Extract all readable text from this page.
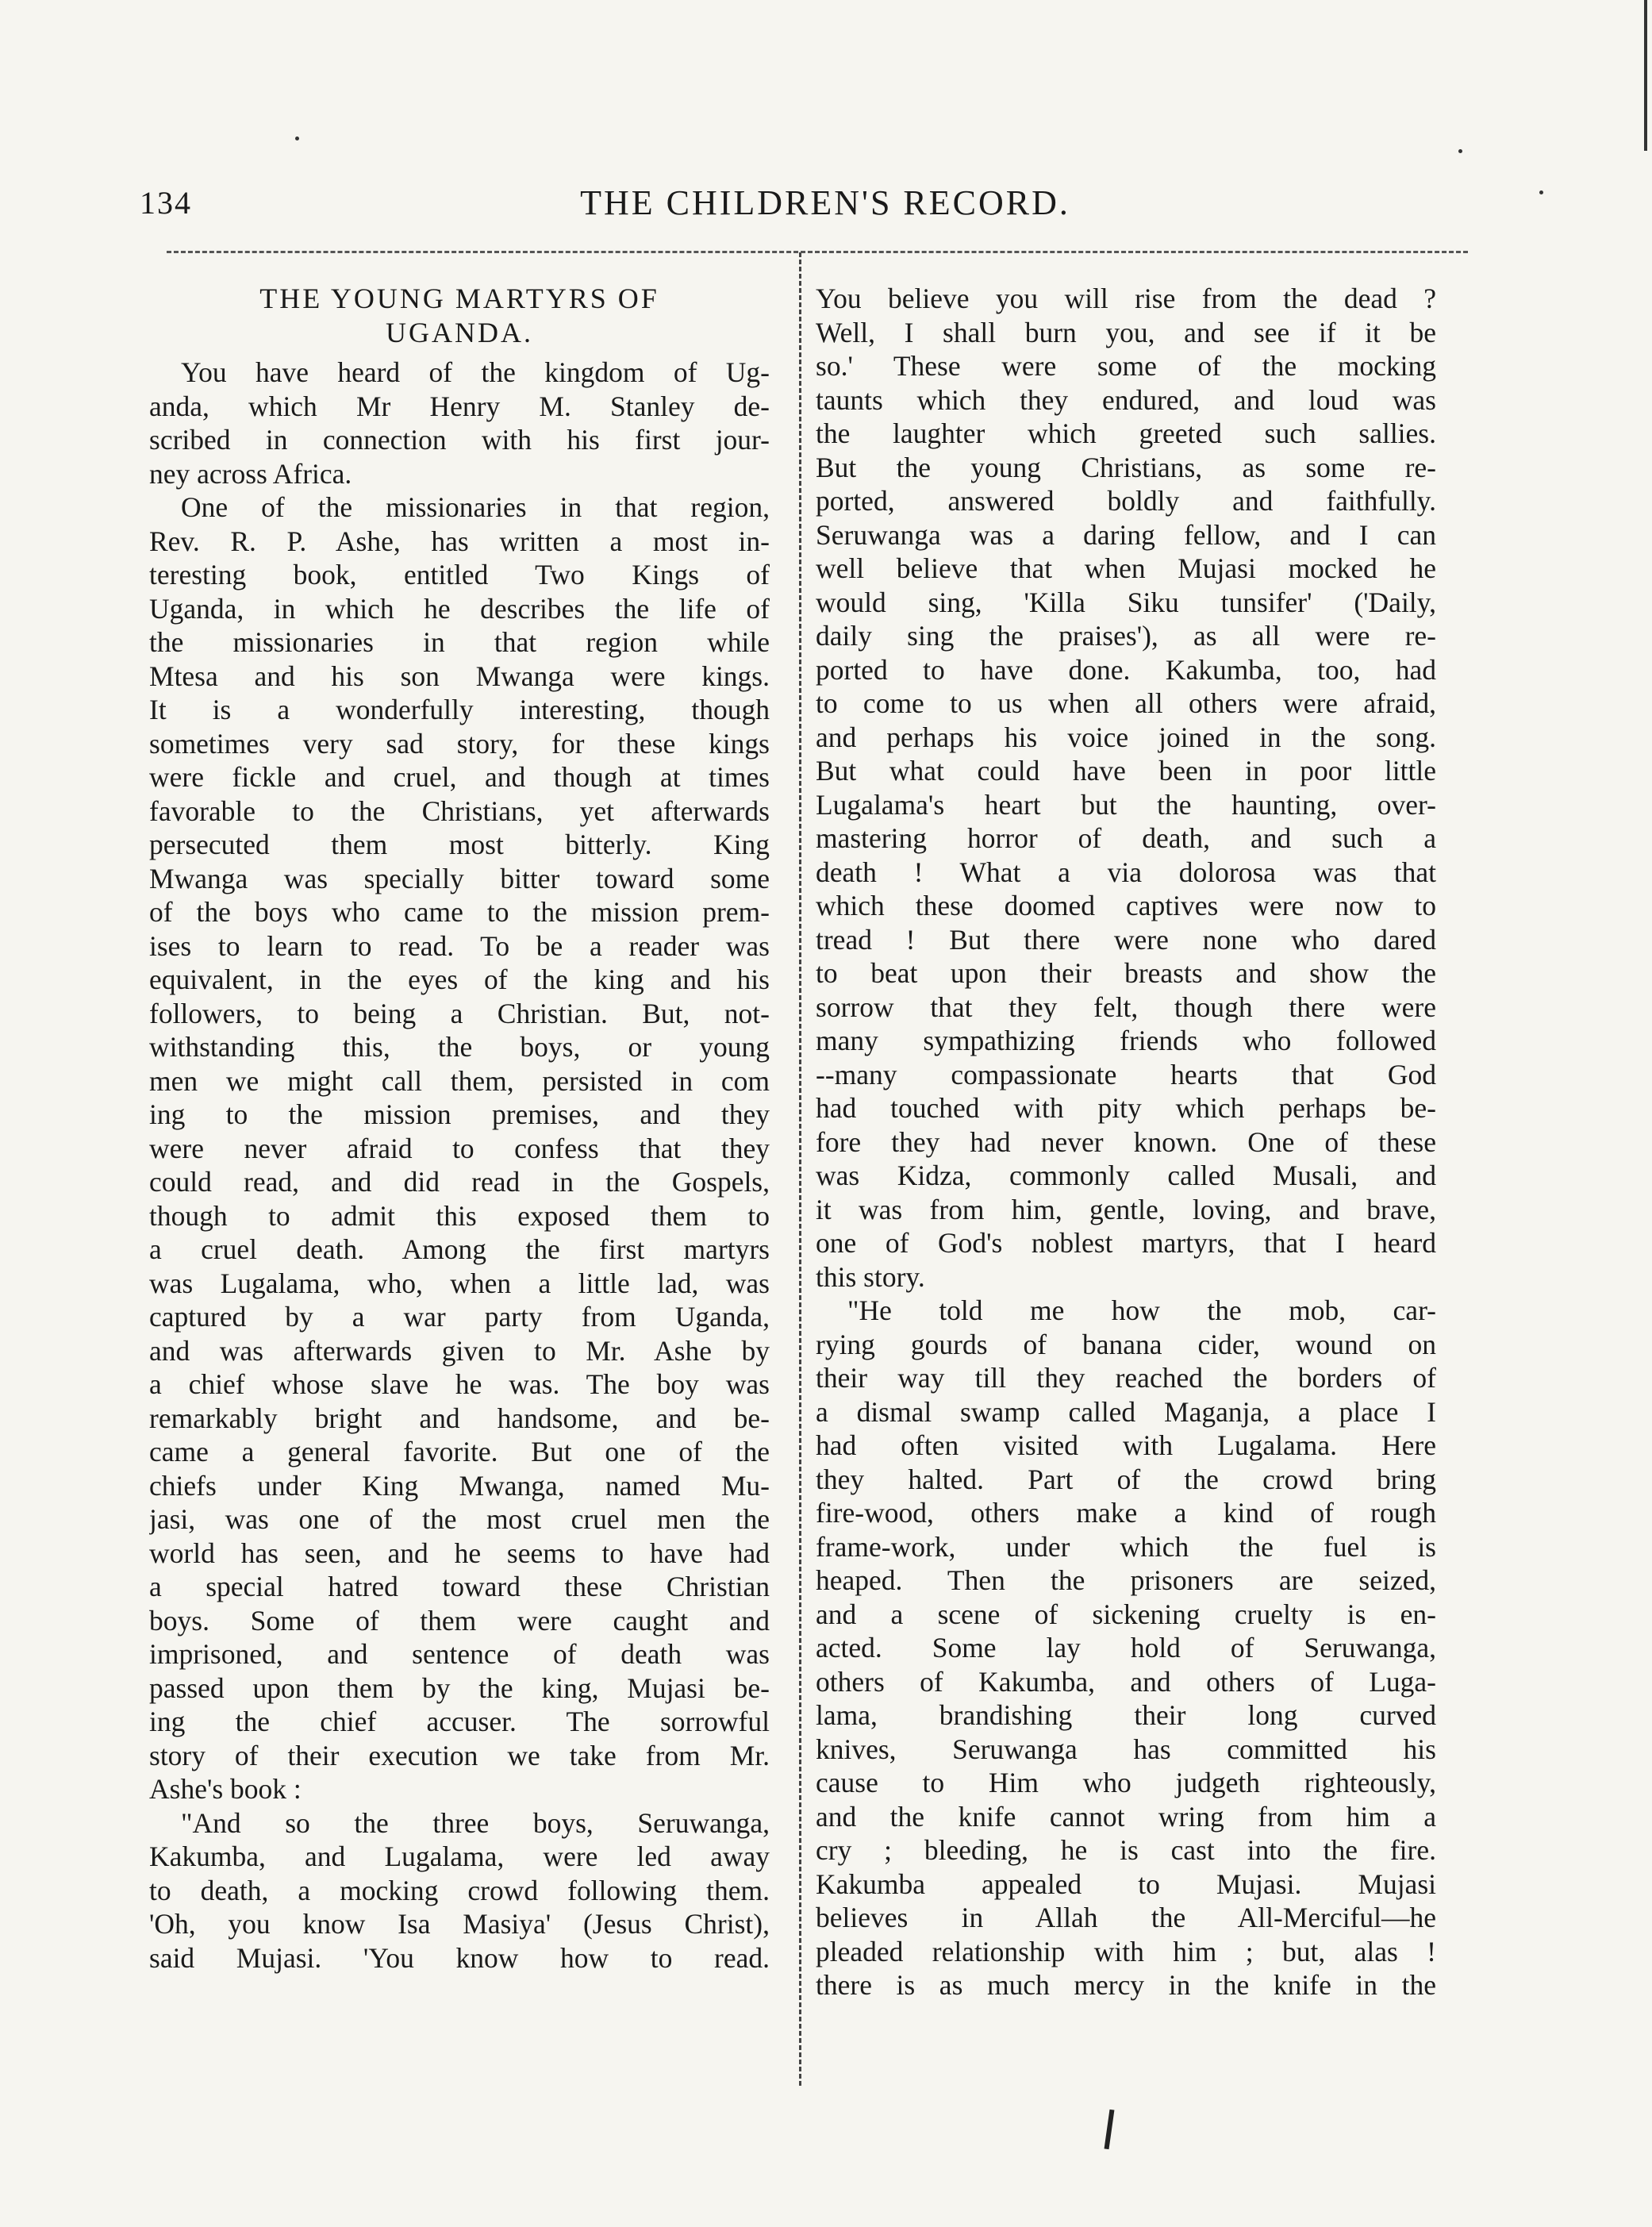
134	THE CHILDREN'S RECORD.
THE YOUNG MARTYRS OF
UGANDA.
You have heard of the kingdom of Ug-
anda, which Mr Henry M. Stanley de-
scribed in connection with his first jour-
ney across Africa.
One of the missionaries in that region,
Rev. R. P. Ashe, has written a most in-
teresting book, entitled Two Kings of
Uganda, in which he describes the life of
the missionaries in that region while
Mtesa and his son Mwanga were kings.
It is a wonderfully interesting, though
sometimes very sad story, for these kings
were fickle and cruel, and though at times
favorable to the Christians, yet afterwards
persecuted them most bitterly. King
Mwanga was specially bitter toward some
of the boys who came to the mission prem-
ises to learn to read. To be a reader was
equivalent, in the eyes of the king and his
followers, to being a Christian. But, not-
withstanding this, the boys, or young
men we might call them, persisted in com
ing to the mission premises, and they
were never afraid to confess that they
could read, and did read in the Gospels,
though to admit this exposed them to
a cruel death. Among the first martyrs
was Lugalama, who, when a little lad, was
captured by a war party from Uganda,
and was afterwards given to Mr. Ashe by
a chief whose slave he was. The boy was
remarkably bright and handsome, and be-
came a general favorite. But one of the
chiefs under King Mwanga, named Mu-
jasi, was one of the most cruel men the
world has seen, and he seems to have had
a special hatred toward these Christian
boys. Some of them were caught and
imprisoned, and sentence of death was
passed upon them by the king, Mujasi be-
ing the chief accuser. The sorrowful
story of their execution we take from Mr.
Ashe's book :
"And so the three boys, Seruwanga,
Kakumba, and Lugalama, were led away
to death, a mocking crowd following them.
'Oh, you know Isa Masiya' (Jesus Christ),
said Mujasi. 'You know how to read.
You believe you will rise from the dead ?
Well, I shall burn you, and see if it be
so.' These were some of the mocking
taunts which they endured, and loud was
the laughter which greeted such sallies.
But the young Christians, as some re-
ported, answered boldly and faithfully.
Seruwanga was a daring fellow, and I can
well believe that when Mujasi mocked he
would sing, 'Killa Siku tunsifer' ('Daily,
daily sing the praises'), as all were re-
ported to have done. Kakumba, too, had
to come to us when all others were afraid,
and perhaps his voice joined in the song.
But what could have been in poor little
Lugalama's heart but the haunting, over-
mastering horror of death, and such a
death ! What a via dolorosa was that
which these doomed captives were now to
tread ! But there were none who dared
to beat upon their breasts and show the
sorrow that they felt, though there were
many sympathizing friends who followed
--many compassionate hearts that God
had touched with pity which perhaps be-
fore they had never known. One of these
was Kidza, commonly called Musali, and
it was from him, gentle, loving, and brave,
one of God's noblest martyrs, that I heard
this story.
"He told me how the mob, car-
rying gourds of banana cider, wound on
their way till they reached the borders of
a dismal swamp called Maganja, a place I
had often visited with Lugalama. Here
they halted. Part of the crowd bring
fire-wood, others make a kind of rough
frame-work, under which the fuel is
heaped. Then the prisoners are seized,
and a scene of sickening cruelty is en-
acted. Some lay hold of Seruwanga,
others of Kakumba, and others of Luga-
lama, brandishing their long curved
knives, Seruwanga has committed his
cause to Him who judgeth righteously,
and the knife cannot wring from him a
cry ; bleeding, he is cast into the fire.
Kakumba appealed to Mujasi. Mujasi
believes in Allah the All-Merciful—he
pleaded relationship with him ; but, alas !
there is as much mercy in the knife in the
